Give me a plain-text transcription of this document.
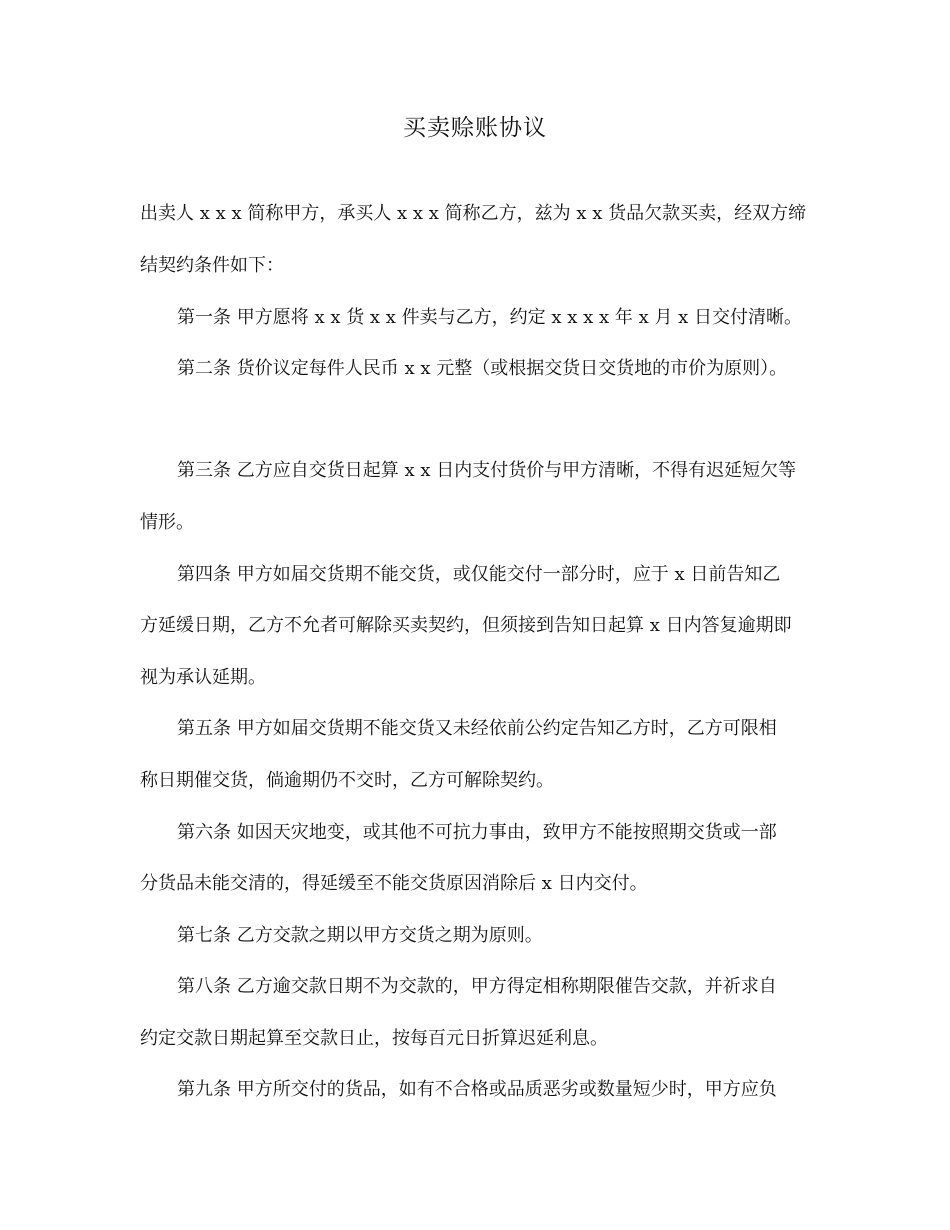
买卖赊账协议

出卖人 x x x 简称甲方，承买人 x x x 简称乙方，兹为 x x 货品欠款买卖，经双方缔

结契约条件如下：

第一条 甲方愿将 x x 货 x x 件卖与乙方，约定 x x x x 年 x 月 x 日交付清晰。

第二条 货价议定每件人民币 x x 元整（或根据交货日交货地的市价为原则）。

第三条 乙方应自交货日起算 x x 日内支付货价与甲方清晰，不得有迟延短欠等

情形。

第四条 甲方如届交货期不能交货，或仅能交付一部分时，应于 x 日前告知乙

方延缓日期，乙方不允者可解除买卖契约，但须接到告知日起算 x 日内答复逾期即

视为承认延期。

第五条 甲方如届交货期不能交货又未经依前公约定告知乙方时，乙方可限相

称日期催交货，倘逾期仍不交时，乙方可解除契约。

第六条 如因天灾地变，或其他不可抗力事由，致甲方不能按照期交货或一部

分货品未能交清的，得延缓至不能交货原因消除后 x 日内交付。

第七条 乙方交款之期以甲方交货之期为原则。

第八条 乙方逾交款日期不为交款的，甲方得定相称期限催告交款，并祈求自

约定交款日期起算至交款日止，按每百元日折算迟延利息。

第九条 甲方所交付的货品，如有不合格或品质恶劣或数量短少时，甲方应负
